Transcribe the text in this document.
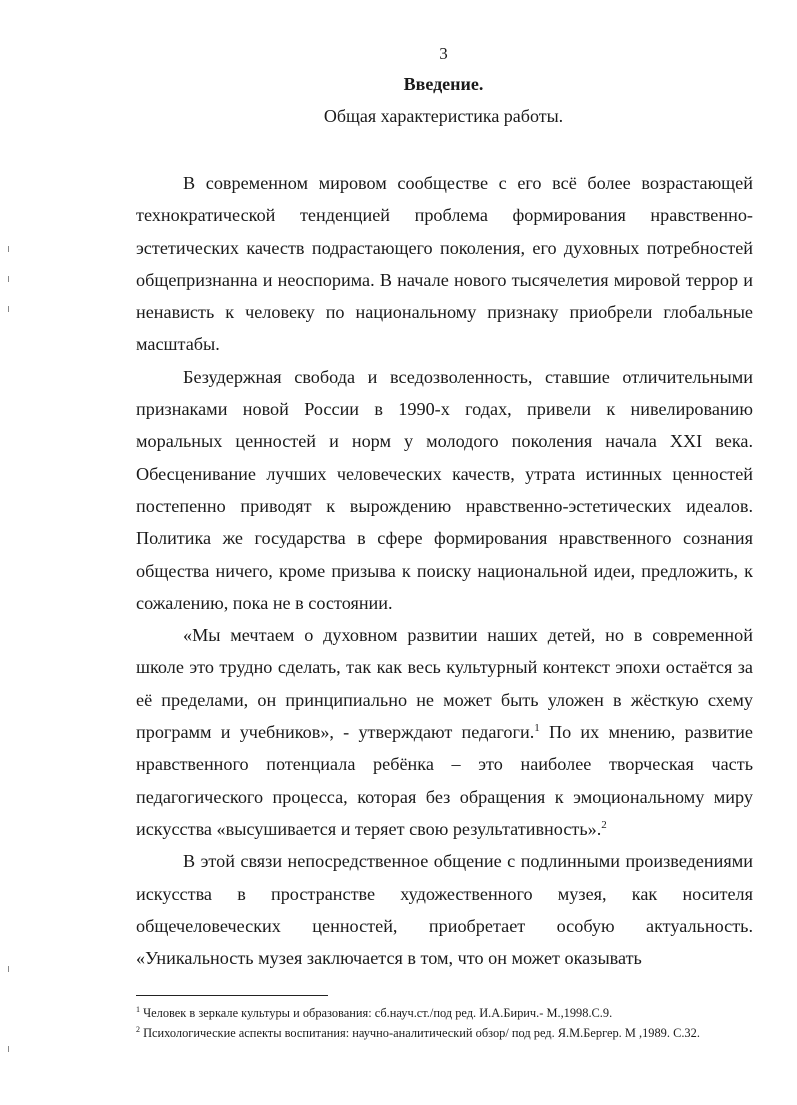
3
Введение.
Общая характеристика работы.

В современном мировом сообществе с его всё более возрастающей технократической тенденцией проблема формирования нравственно-эстетических качеств подрастающего поколения, его духовных потребностей общепризнанна и неоспорима. В начале нового тысячелетия мировой террор и ненависть к человеку по национальному признаку приобрели глобальные масштабы.

Безудержная свобода и вседозволенность, ставшие отличительными признаками новой России в 1990-х годах, привели к нивелированию моральных ценностей и норм у молодого поколения начала XXI века. Обесценивание лучших человеческих качеств, утрата истинных ценностей постепенно приводят к вырождению нравственно-эстетических идеалов. Политика же государства в сфере формирования нравственного сознания общества ничего, кроме призыва к поиску национальной идеи, предложить, к сожалению, пока не в состоянии.

«Мы мечтаем о духовном развитии наших детей, но в современной школе это трудно сделать, так как весь культурный контекст эпохи остаётся за её пределами, он принципиально не может быть уложен в жёсткую схему программ и учебников», - утверждают педагоги.$^1$ По их мнению, развитие нравственного потенциала ребёнка – это наиболее творческая часть педагогического процесса, которая без обращения к эмоциональному миру искусства «высушивается и теряет свою результативность».$^2$

В этой связи непосредственное общение с подлинными произведениями искусства в пространстве художественного музея, как носителя общечеловеческих ценностей, приобретает особую актуальность. «Уникальность музея заключается в том, что он может оказывать

$^1$ Человек в зеркале культуры и образования: сб.науч.ст./под ред. И.А.Бирич.- М.,1998.С.9.
$^2$ Психологические аспекты воспитания: научно-аналитический обзор/ под ред. Я.М.Бергер. М ,1989. С.32.
